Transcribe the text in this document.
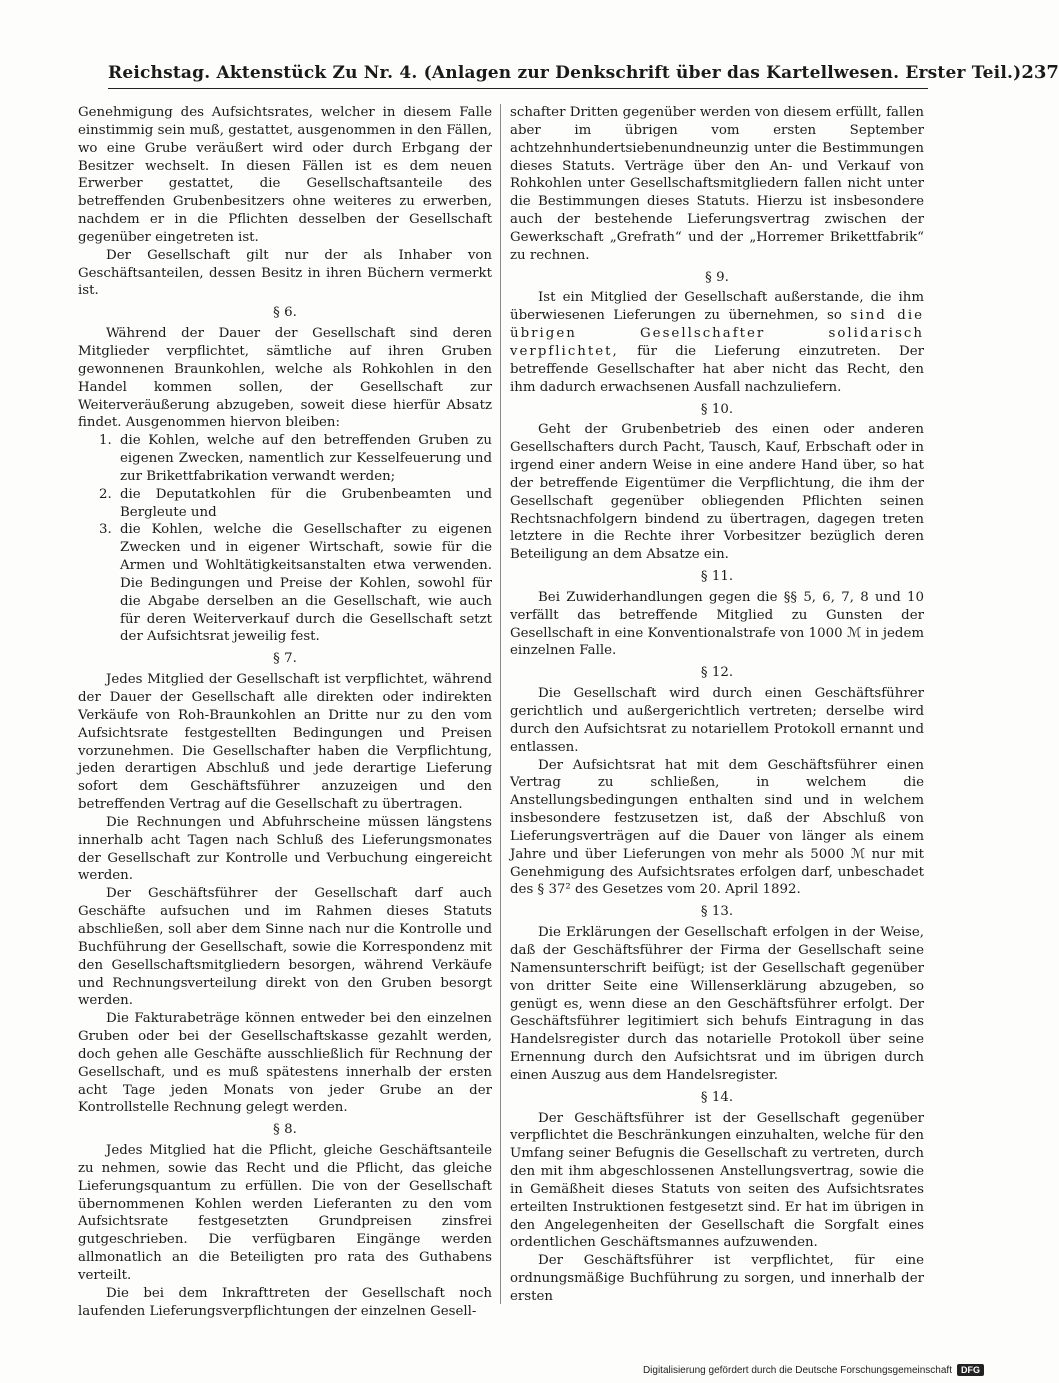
Reichstag. Aktenstück Zu Nr. 4. (Anlagen zur Denkschrift über das Kartellwesen. Erster Teil.) 237

Genehmigung des Aufsichtsrates, welcher in diesem Falle einstimmig sein muß, gestattet, ausgenommen in den Fällen, wo eine Grube veräußert wird oder durch Erbgang der Besitzer wechselt. In diesen Fällen ist es dem neuen Erwerber gestattet, die Gesellschaftsanteile des betreffenden Grubenbesitzers ohne weiteres zu erwerben, nachdem er in die Pflichten desselben der Gesellschaft gegenüber eingetreten ist.

Der Gesellschaft gilt nur der als Inhaber von Geschäftsanteilen, dessen Besitz in ihren Büchern vermerkt ist.

§ 6.

Während der Dauer der Gesellschaft sind deren Mitglieder verpflichtet, sämtliche auf ihren Gruben gewonnenen Braunkohlen, welche als Rohkohlen in den Handel kommen sollen, der Gesellschaft zur Weiterveräußerung abzugeben, soweit diese hierfür Absatz findet. Ausgenommen hiervon bleiben:

1. die Kohlen, welche auf den betreffenden Gruben zu eigenen Zwecken, namentlich zur Kesselfeuerung und zur Brikettfabrikation verwandt werden;
2. die Deputatkohlen für die Grubenbeamten und Bergleute und
3. die Kohlen, welche die Gesellschafter zu eigenen Zwecken und in eigener Wirtschaft, sowie für die Armen und Wohltätigkeitsanstalten etwa verwenden. Die Bedingungen und Preise der Kohlen, sowohl für die Abgabe derselben an die Gesellschaft, wie auch für deren Weiterverkauf durch die Gesellschaft setzt der Aufsichtsrat jeweilig fest.
§ 7.

Jedes Mitglied der Gesellschaft ist verpflichtet, während der Dauer der Gesellschaft alle direkten oder indirekten Verkäufe von Roh-Braunkohlen an Dritte nur zu den vom Aufsichtsrate festgestellten Bedingungen und Preisen vorzunehmen. Die Gesellschafter haben die Verpflichtung, jeden derartigen Abschluß und jede derartige Lieferung sofort dem Geschäftsführer anzuzeigen und den betreffenden Vertrag auf die Gesellschaft zu übertragen.

Die Rechnungen und Abfuhrscheine müssen längstens innerhalb acht Tagen nach Schluß des Lieferungsmonates der Gesellschaft zur Kontrolle und Verbuchung eingereicht werden.

Der Geschäftsführer der Gesellschaft darf auch Geschäfte aufsuchen und im Rahmen dieses Statuts abschließen, soll aber dem Sinne nach nur die Kontrolle und Buchführung der Gesellschaft, sowie die Korrespondenz mit den Gesellschaftsmitgliedern besorgen, während Verkäufe und Rechnungsverteilung direkt von den Gruben besorgt werden.

Die Fakturabeträge können entweder bei den einzelnen Gruben oder bei der Gesellschaftskasse gezahlt werden, doch gehen alle Geschäfte ausschließlich für Rechnung der Gesellschaft, und es muß spätestens innerhalb der ersten acht Tage jeden Monats von jeder Grube an der Kontrollstelle Rechnung gelegt werden.

§ 8.

Jedes Mitglied hat die Pflicht, gleiche Geschäftsanteile zu nehmen, sowie das Recht und die Pflicht, das gleiche Lieferungsquantum zu erfüllen. Die von der Gesellschaft übernommenen Kohlen werden Lieferanten zu den vom Aufsichtsrate festgesetzten Grundpreisen zinsfrei gutgeschrieben. Die verfügbaren Eingänge werden allmonatlich an die Beteiligten pro rata des Guthabens verteilt.

Die bei dem Inkrafttreten der Gesellschaft noch laufenden Lieferungsverpflichtungen der einzelnen Gesell-

schafter Dritten gegenüber werden von diesem erfüllt, fallen aber im übrigen vom ersten September achtzehnhundertsiebenundneunzig unter die Bestimmungen dieses Statuts. Verträge über den An- und Verkauf von Rohkohlen unter Gesellschaftsmitgliedern fallen nicht unter die Bestimmungen dieses Statuts. Hierzu ist insbesondere auch der bestehende Lieferungsvertrag zwischen der Gewerkschaft „Grefrath“ und der „Horremer Brikettfabrik“ zu rechnen.

§ 9.

Ist ein Mitglied der Gesellschaft außerstande, die ihm überwiesenen Lieferungen zu übernehmen, so sind die übrigen Gesellschafter solidarisch verpflichtet, für die Lieferung einzutreten. Der betreffende Gesellschafter hat aber nicht das Recht, den ihm dadurch erwachsenen Ausfall nachzuliefern.

§ 10.

Geht der Grubenbetrieb des einen oder anderen Gesellschafters durch Pacht, Tausch, Kauf, Erbschaft oder in irgend einer andern Weise in eine andere Hand über, so hat der betreffende Eigentümer die Verpflichtung, die ihm der Gesellschaft gegenüber obliegenden Pflichten seinen Rechtsnachfolgern bindend zu übertragen, dagegen treten letztere in die Rechte ihrer Vorbesitzer bezüglich deren Beteiligung an dem Absatze ein.

§ 11.

Bei Zuwiderhandlungen gegen die §§ 5, 6, 7, 8 und 10 verfällt das betreffende Mitglied zu Gunsten der Gesellschaft in eine Konventionalstrafe von 1000 ℳ in jedem einzelnen Falle.

§ 12.

Die Gesellschaft wird durch einen Geschäftsführer gerichtlich und außergerichtlich vertreten; derselbe wird durch den Aufsichtsrat zu notariellem Protokoll ernannt und entlassen.

Der Aufsichtsrat hat mit dem Geschäftsführer einen Vertrag zu schließen, in welchem die Anstellungsbedingungen enthalten sind und in welchem insbesondere festzusetzen ist, daß der Abschluß von Lieferungsverträgen auf die Dauer von länger als einem Jahre und über Lieferungen von mehr als 5000 ℳ nur mit Genehmigung des Aufsichtsrates erfolgen darf, unbeschadet des § 37² des Gesetzes vom 20. April 1892.

§ 13.

Die Erklärungen der Gesellschaft erfolgen in der Weise, daß der Geschäftsführer der Firma der Gesellschaft seine Namensunterschrift beifügt; ist der Gesellschaft gegenüber von dritter Seite eine Willenserklärung abzugeben, so genügt es, wenn diese an den Geschäftsführer erfolgt. Der Geschäftsführer legitimiert sich behufs Eintragung in das Handelsregister durch das notarielle Protokoll über seine Ernennung durch den Aufsichtsrat und im übrigen durch einen Auszug aus dem Handelsregister.

§ 14.

Der Geschäftsführer ist der Gesellschaft gegenüber verpflichtet die Beschränkungen einzuhalten, welche für den Umfang seiner Befugnis die Gesellschaft zu vertreten, durch den mit ihm abgeschlossenen Anstellungsvertrag, sowie die in Gemäßheit dieses Statuts von seiten des Aufsichtsrates erteilten Instruktionen festgesetzt sind. Er hat im übrigen in den Angelegenheiten der Gesellschaft die Sorgfalt eines ordentlichen Geschäftsmannes aufzuwenden.

Der Geschäftsführer ist verpflichtet, für eine ordnungsmäßige Buchführung zu sorgen, und innerhalb der ersten

Digitalisierung gefördert durch die Deutsche Forschungsgemeinschaft	DFG
